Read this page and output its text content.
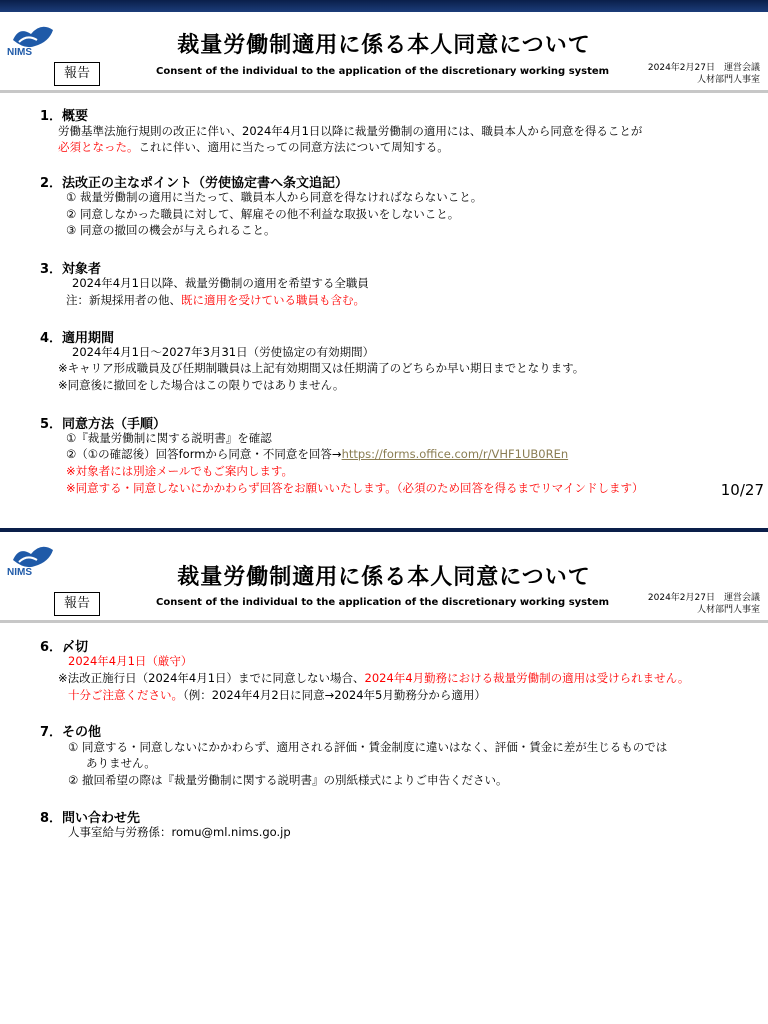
NIMS	裁量労働制適用に係る本人同意について
報告	Consent of the individual to the application of the discretionary working system	2024年2月27日　運営会議
人材部門人事室
1．概要
労働基準法施行規則の改正に伴い、2024年4月1日以降に裁量労働制の適用には、職員本人から同意を得ることが
必須となった。これに伴い、適用に当たっての同意方法について周知する。
2．法改正の主なポイント（労使協定書へ条文追記）
① 裁量労働制の適用に当たって、職員本人から同意を得なければならないこと。
② 同意しなかった職員に対して、解雇その他不利益な取扱いをしないこと。
③ 同意の撤回の機会が与えられること。
3．対象者
2024年4月1日以降、裁量労働制の適用を希望する全職員
注：新規採用者の他、既に適用を受けている職員も含む。
4．適用期間
2024年4月1日～2027年3月31日（労使協定の有効期間）
※キャリア形成職員及び任期制職員は上記有効期間又は任期満了のどちらか早い期日までとなります。
※同意後に撤回をした場合はこの限りではありません。
5．同意方法（手順）
①『裁量労働制に関する説明書』を確認
②（①の確認後）回答formから同意・不同意を回答→https://forms.office.com/r/VHF1UB0REn
※対象者には別途メールでもご案内します。
※同意する・同意しないにかかわらず回答をお願いいたします。（必須のため回答を得るまでリマインドします）	10/27
NIMS	裁量労働制適用に係る本人同意について
報告	Consent of the individual to the application of the discretionary working system	2024年2月27日　運営会議
人材部門人事室
6．〆切
2024年4月1日（厳守）
※法改正施行日（2024年4月1日）までに同意しない場合、2024年4月勤務における裁量労働制の適用は受けられません。
十分ご注意ください。（例：2024年4月2日に同意→2024年5月勤務分から適用）
7．その他
① 同意する・同意しないにかかわらず、適用される評価・賃金制度に違いはなく、評価・賃金に差が生じるものでは
ありません。
② 撤回希望の際は『裁量労働制に関する説明書』の別紙様式によりご申告ください。
8．問い合わせ先
人事室給与労務係：romu@ml.nims.go.jp
